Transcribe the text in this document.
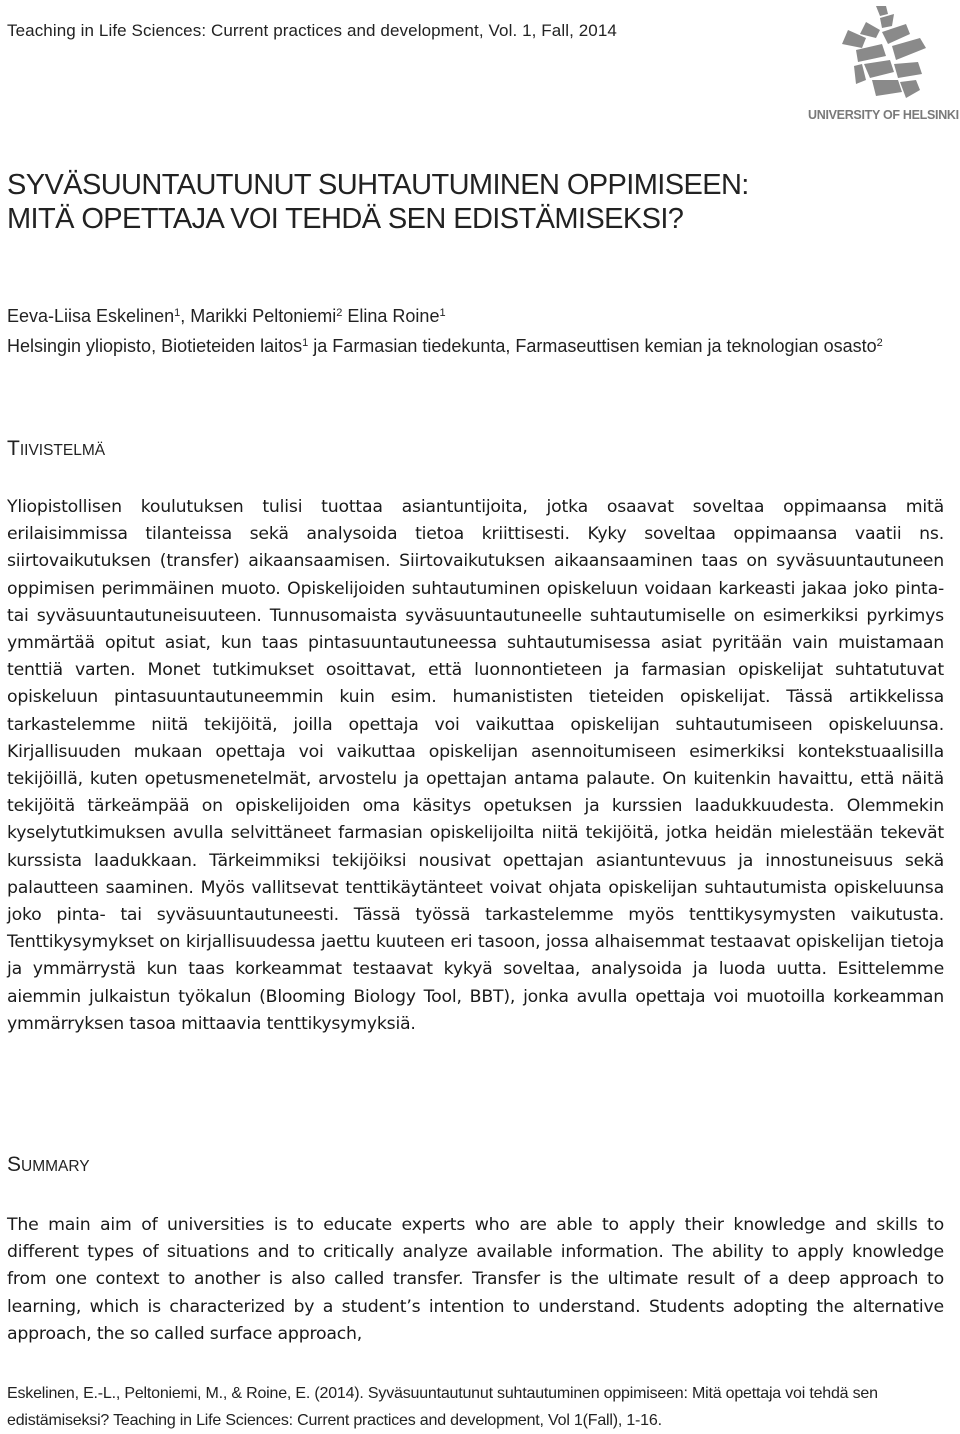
Teaching in Life Sciences: Current practices and development, Vol. 1, Fall, 2014
UNIVERSITY OF HELSINKI
SYVÄSUUNTAUTUNUT SUHTAUTUMINEN OPPIMISEEN:
MITÄ OPETTAJA VOI TEHDÄ SEN EDISTÄMISEKSI?
Eeva-Liisa Eskelinen$^1$, Marikki Peltoniemi$^2$ Elina Roine$^1$
Helsingin yliopisto, Biotieteiden laitos$^1$ ja Farmasian tiedekunta, Farmaseuttisen kemian ja teknologian osasto$^2$
TIIVISTELMÄ

Yliopistollisen koulutuksen tulisi tuottaa asiantuntijoita, jotka osaavat soveltaa oppimaansa mitä erilaisimmissa tilanteissa sekä analysoida tietoa kriittisesti. Kyky soveltaa oppimaansa vaatii ns. siirtovaikutuksen (transfer) aikaansaamisen. Siirtovaikutuksen aikaansaaminen taas on syväsuuntautuneen oppimisen perimmäinen muoto. Opiskelijoiden suhtautuminen opiskeluun voidaan karkeasti jakaa joko pinta- tai syväsuuntautuneisuuteen. Tunnusomaista syväsuuntautuneelle suhtautumiselle on esimerkiksi pyrkimys ymmärtää opitut asiat, kun taas pintasuuntautuneessa suhtautumisessa asiat pyritään vain muistamaan tenttiä varten. Monet tutkimukset osoittavat, että luonnontieteen ja farmasian opiskelijat suhtatutuvat opiskeluun pintasuuntautuneemmin kuin esim. humanististen tieteiden opiskelijat. Tässä artikkelissa tarkastelemme niitä tekijöitä, joilla opettaja voi vaikuttaa opiskelijan suhtautumiseen opiskeluunsa. Kirjallisuuden mukaan opettaja voi vaikuttaa opiskelijan asennoitumiseen esimerkiksi kontekstuaalisilla tekijöillä, kuten opetusmenetelmät, arvostelu ja opettajan antama palaute. On kuitenkin havaittu, että näitä tekijöitä tärkeämpää on opiskelijoiden oma käsitys opetuksen ja kurssien laadukkuudesta. Olemmekin kyselytutkimuksen avulla selvittäneet farmasian opiskelijoilta niitä tekijöitä, jotka heidän mielestään tekevät kurssista laadukkaan. Tärkeimmiksi tekijöiksi nousivat opettajan asiantuntevuus ja innostuneisuus sekä palautteen saaminen. Myös vallitsevat tenttikäytänteet voivat ohjata opiskelijan suhtautumista opiskeluunsa joko pinta- tai syväsuuntautuneesti. Tässä työssä tarkastelemme myös tenttikysymysten vaikutusta. Tenttikysymykset on kirjallisuudessa jaettu kuuteen eri tasoon, jossa alhaisemmat testaavat opiskelijan tietoja ja ymmärrystä kun taas korkeammat testaavat kykyä soveltaa, analysoida ja luoda uutta. Esittelemme aiemmin julkaistun työkalun (Blooming Biology Tool, BBT), jonka avulla opettaja voi muotoilla korkeamman ymmärryksen tasoa mittaavia tenttikysymyksiä.

SUMMARY

The main aim of universities is to educate experts who are able to apply their knowledge and skills to different types of situations and to critically analyze available information. The ability to apply knowledge from one context to another is also called transfer. Transfer is the ultimate result of a deep approach to learning, which is characterized by a student’s intention to understand. Students adopting the alternative approach, the so called surface approach,

Eskelinen, E.-L., Peltoniemi, M., & Roine, E. (2014). Syväsuuntautunut suhtautuminen oppimiseen: Mitä opettaja voi tehdä sen edistämiseksi? Teaching in Life Sciences: Current practices and development, Vol 1(Fall), 1-16.
